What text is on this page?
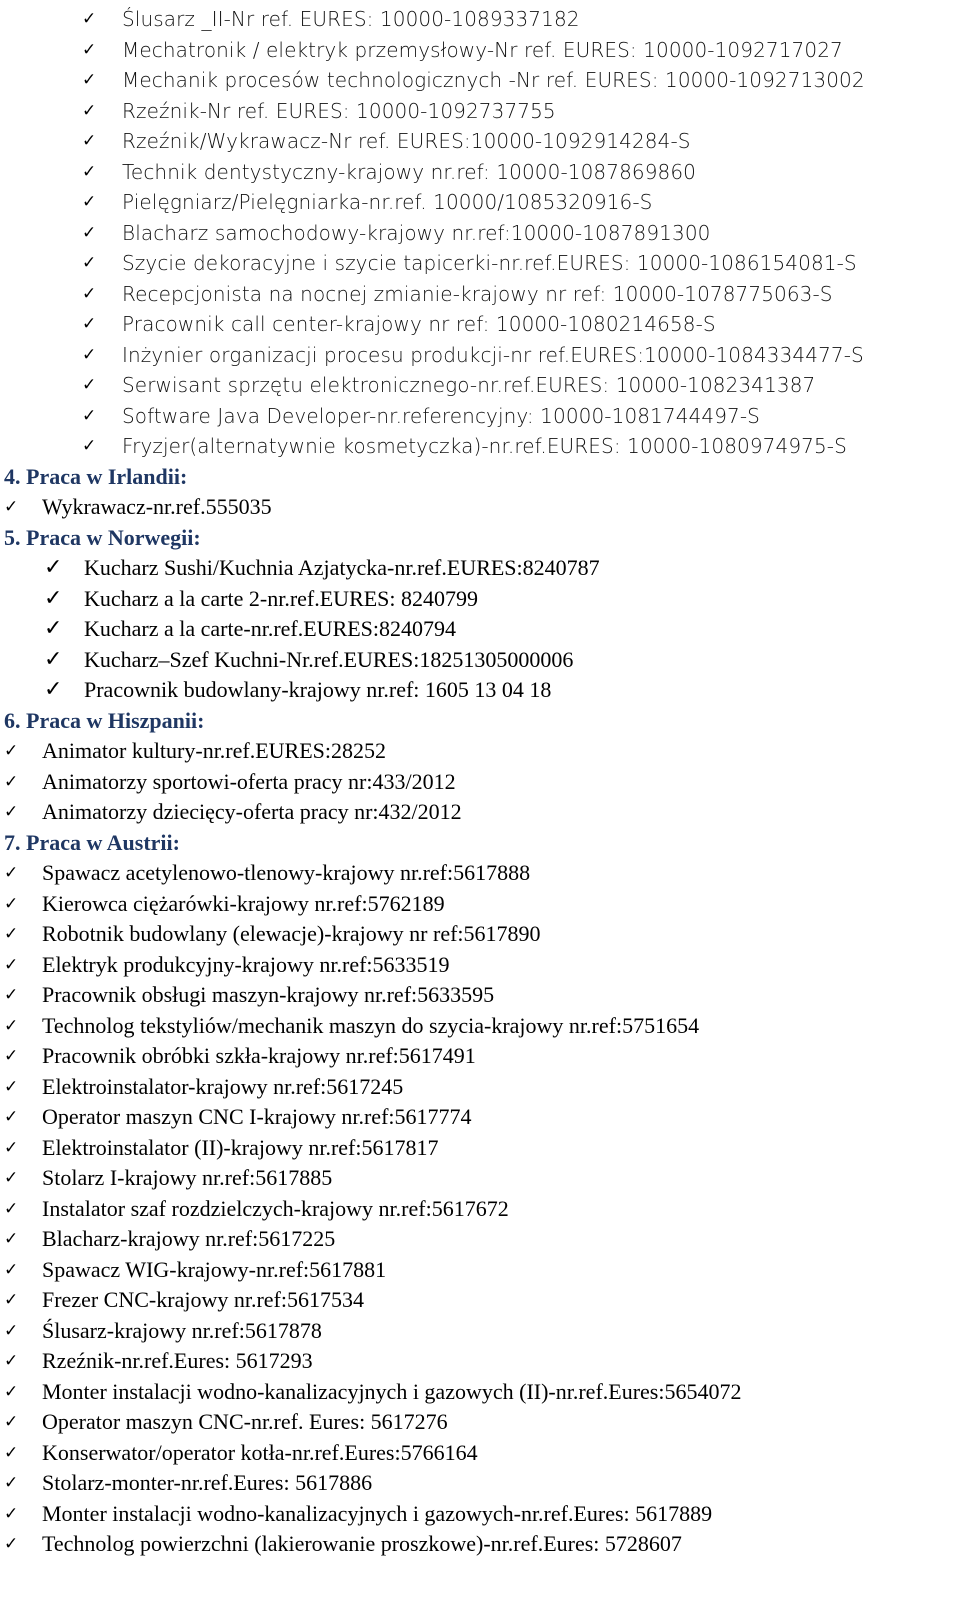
✓	Ślusarz _II-Nr ref. EURES: 10000-1089337182
✓	Mechatronik / elektryk przemysłowy-Nr ref. EURES: 10000-1092717027
✓	Mechanik procesów technologicznych -Nr ref. EURES: 10000-1092713002
✓	Rzeźnik-Nr ref. EURES: 10000-1092737755
✓	Rzeźnik/Wykrawacz-Nr ref. EURES:10000-1092914284-S
✓	Technik dentystyczny-krajowy nr.ref: 10000-1087869860
✓	Pielęgniarz/Pielęgniarka-nr.ref. 10000/1085320916-S
✓	Blacharz samochodowy-krajowy nr.ref:10000-1087891300
✓	Szycie dekoracyjne i szycie tapicerki-nr.ref.EURES: 10000-1086154081-S
✓	Recepcjonista na nocnej zmianie-krajowy nr ref: 10000-1078775063-S
✓	Pracownik call center-krajowy nr ref: 10000-1080214658-S
✓	Inżynier organizacji procesu produkcji-nr ref.EURES:10000-1084334477-S
✓	Serwisant sprzętu elektronicznego-nr.ref.EURES: 10000-1082341387
✓	Software Java Developer-nr.referencyjny: 10000-1081744497-S
✓	Fryzjer(alternatywnie kosmetyczka)-nr.ref.EURES: 10000-1080974975-S
4. Praca w Irlandii:
✓	Wykrawacz-nr.ref.555035
5. Praca w Norwegii:
✓ Kucharz Sushi/Kuchnia Azjatycka-nr.ref.EURES:8240787
✓ Kucharz a la carte 2-nr.ref.EURES: 8240799
✓ Kucharz a la carte-nr.ref.EURES:8240794
✓ Kucharz–Szef Kuchni-Nr.ref.EURES:18251305000006
✓ Pracownik budowlany-krajowy nr.ref: 1605 13 04 18
6. Praca w Hiszpanii:
✓	Animator kultury-nr.ref.EURES:28252
✓	Animatorzy sportowi-oferta pracy nr:433/2012
✓	Animatorzy dziecięcy-oferta pracy nr:432/2012
7. Praca w Austrii:
✓	Spawacz acetylenowo-tlenowy-krajowy nr.ref:5617888
✓	Kierowca ciężarówki-krajowy nr.ref:5762189
✓	Robotnik budowlany (elewacje)-krajowy nr ref:5617890
✓	Elektryk produkcyjny-krajowy nr.ref:5633519
✓	Pracownik obsługi maszyn-krajowy nr.ref:5633595
✓	Technolog tekstyliów/mechanik maszyn do szycia-krajowy nr.ref:5751654
✓	Pracownik obróbki szkła-krajowy nr.ref:5617491
✓	Elektroinstalator-krajowy nr.ref:5617245
✓	Operator maszyn CNC I-krajowy nr.ref:5617774
✓	Elektroinstalator (II)-krajowy nr.ref:5617817
✓	Stolarz I-krajowy nr.ref:5617885
✓	Instalator szaf rozdzielczych-krajowy nr.ref:5617672
✓	Blacharz-krajowy nr.ref:5617225
✓	Spawacz WIG-krajowy-nr.ref:5617881
✓	Frezer CNC-krajowy nr.ref:5617534
✓	Ślusarz-krajowy nr.ref:5617878
✓	Rzeźnik-nr.ref.Eures: 5617293
✓	Monter instalacji wodno-kanalizacyjnych i gazowych (II)-nr.ref.Eures:5654072
✓	Operator maszyn CNC-nr.ref. Eures: 5617276
✓	Konserwator/operator kotła-nr.ref.Eures:5766164
✓	Stolarz-monter-nr.ref.Eures: 5617886
✓	Monter instalacji wodno-kanalizacyjnych i gazowych-nr.ref.Eures: 5617889
✓	Technolog powierzchni (lakierowanie proszkowe)-nr.ref.Eures: 5728607
